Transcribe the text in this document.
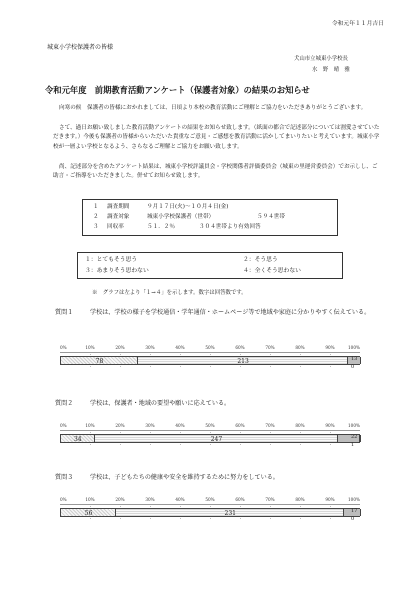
令和元年１１月吉日
城東小学校保護者の皆様
犬山市立城東小学校長
水　野　晴　雅
令和元年度　前期教育活動アンケート（保護者対象）の結果のお知らせ
向寒の候　保護者の皆様におかれましては、日頃より本校の教育活動にご理解とご協力をいただきありがとうございます。
さて、過日お願い致しました教育活動アンケートの結果をお知らせ致します。（紙面の都合で記述部分については割愛させていただきます。）今後も保護者の皆様からいただいた貴重なご意見・ご感想を教育活動に活かしてまいりたいと考えています。城東小学校が一層よい学校となるよう、さらなるご理解とご協力をお願い致します。
尚、記述部分を含めたアンケート結果は、城東小学校評議員会・学校関係者評価委員会（城東の里運営委員会）でお示しし、ご助言・ご指導をいただきました。併せてお知らせ致します。
１ 調査期間	９月１７日(火)～１０月４日(金)
２ 調査対象	城東小学校保護者（世帯）	５９４世帯
３ 回収率	５１．２％	３０４世帯より有効回答
１：とてもそう思う	２：そう思う
３：あまりそう思わない	４：全くそう思わない
※　グラフは左より「１→４」を示します。数字は回答数です。
質問１	学校は、学校の様子を学校通信・学年通信・ホームページ等で地域や家庭に分かりやすく伝えている。
0%	10%	20%	30%	40%	50%	60%	70%	80%	90%	100%
78	213	13
0
質問２	学校は、保護者・地域の要望や願いに応えている。
0%	10%	20%	30%	40%	50%	60%	70%	80%	90%	100%
34	247	22
1
質問３	学校は、子どもたちの健康や安全を維持するために努力をしている。
0%	10%	20%	30%	40%	50%	60%	70%	80%	90%	100%
56	231	17
0
